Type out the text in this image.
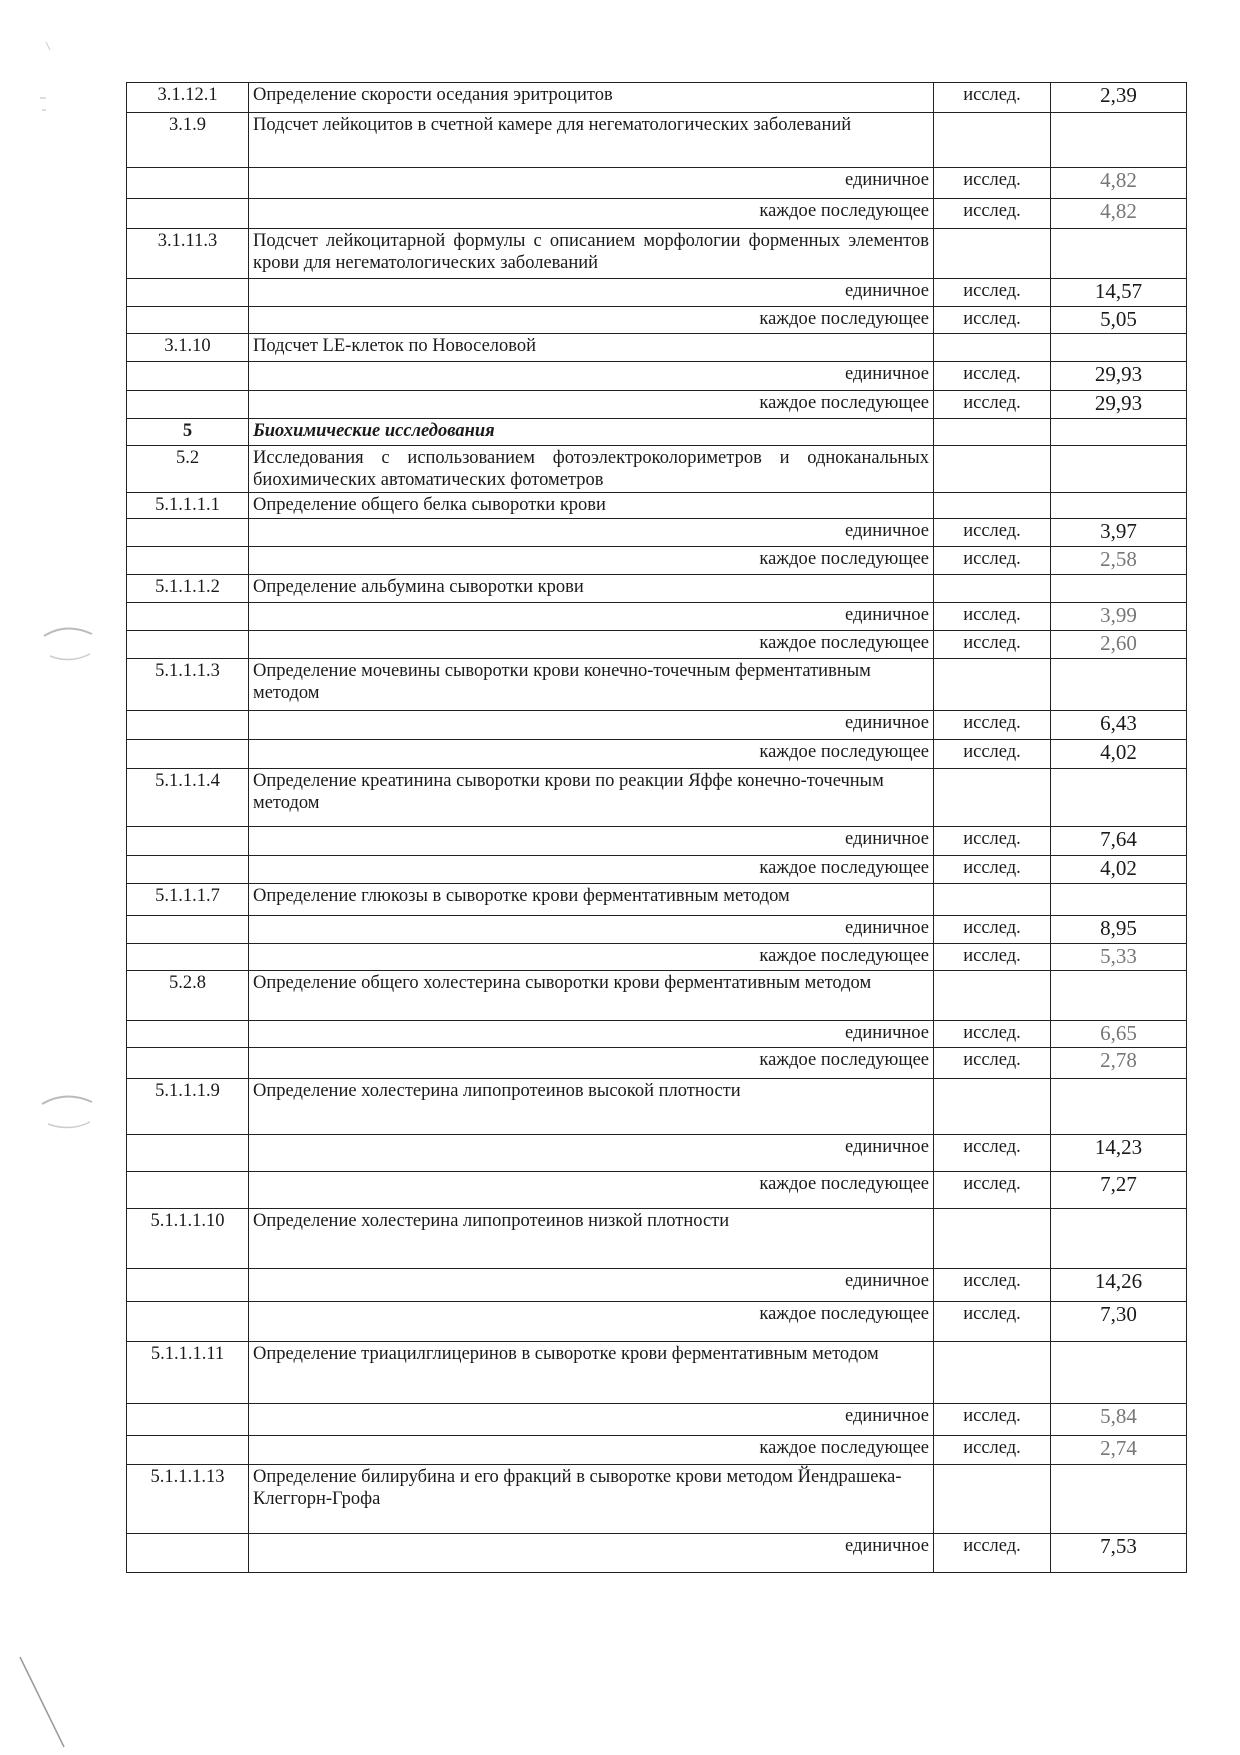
3.1.12.1	Определение скорости оседания эритроцитов	исслед.	2,39
3.1.9	Подсчет лейкоцитов в счетной камере для негематологических заболеваний		
	единичное	исслед.	4,82
	каждое последующее	исслед.	4,82
3.1.11.3	Подсчет лейкоцитарной формулы с описанием морфологии форменных элементов крови для негематологических заболеваний		
	единичное	исслед.	14,57
	каждое последующее	исслед.	5,05
3.1.10	Подсчет LE-клеток по Новоселовой		
	единичное	исслед.	29,93
	каждое последующее	исслед.	29,93
5	Биохимические исследования		
5.2	Исследования с использованием фотоэлектроколориметров и одноканальных биохимических автоматических фотометров		
5.1.1.1.1	Определение общего белка сыворотки крови		
	единичное	исслед.	3,97
	каждое последующее	исслед.	2,58
5.1.1.1.2	Определение альбумина сыворотки крови		
	единичное	исслед.	3,99
	каждое последующее	исслед.	2,60
5.1.1.1.3	Определение мочевины сыворотки крови конечно-точечным ферментативным методом		
	единичное	исслед.	6,43
	каждое последующее	исслед.	4,02
5.1.1.1.4	Определение креатинина сыворотки крови по реакции Яффе конечно-точечным методом		
	единичное	исслед.	7,64
	каждое последующее	исслед.	4,02
5.1.1.1.7	Определение глюкозы в сыворотке крови ферментативным методом		
	единичное	исслед.	8,95
	каждое последующее	исслед.	5,33
5.2.8	Определение общего холестерина сыворотки крови ферментативным методом		
	единичное	исслед.	6,65
	каждое последующее	исслед.	2,78
5.1.1.1.9	Определение холестерина липопротеинов высокой плотности		
	единичное	исслед.	14,23
	каждое последующее	исслед.	7,27
5.1.1.1.10	Определение холестерина липопротеинов низкой плотности		
	единичное	исслед.	14,26
	каждое последующее	исслед.	7,30
5.1.1.1.11	Определение триацилглицеринов в сыворотке крови ферментативным методом		
	единичное	исслед.	5,84
	каждое последующее	исслед.	2,74
5.1.1.1.13	Определение билирубина и его фракций в сыворотке крови методом Йендрашека-Клеггорн-Грофа		
	единичное	исслед.	7,53
